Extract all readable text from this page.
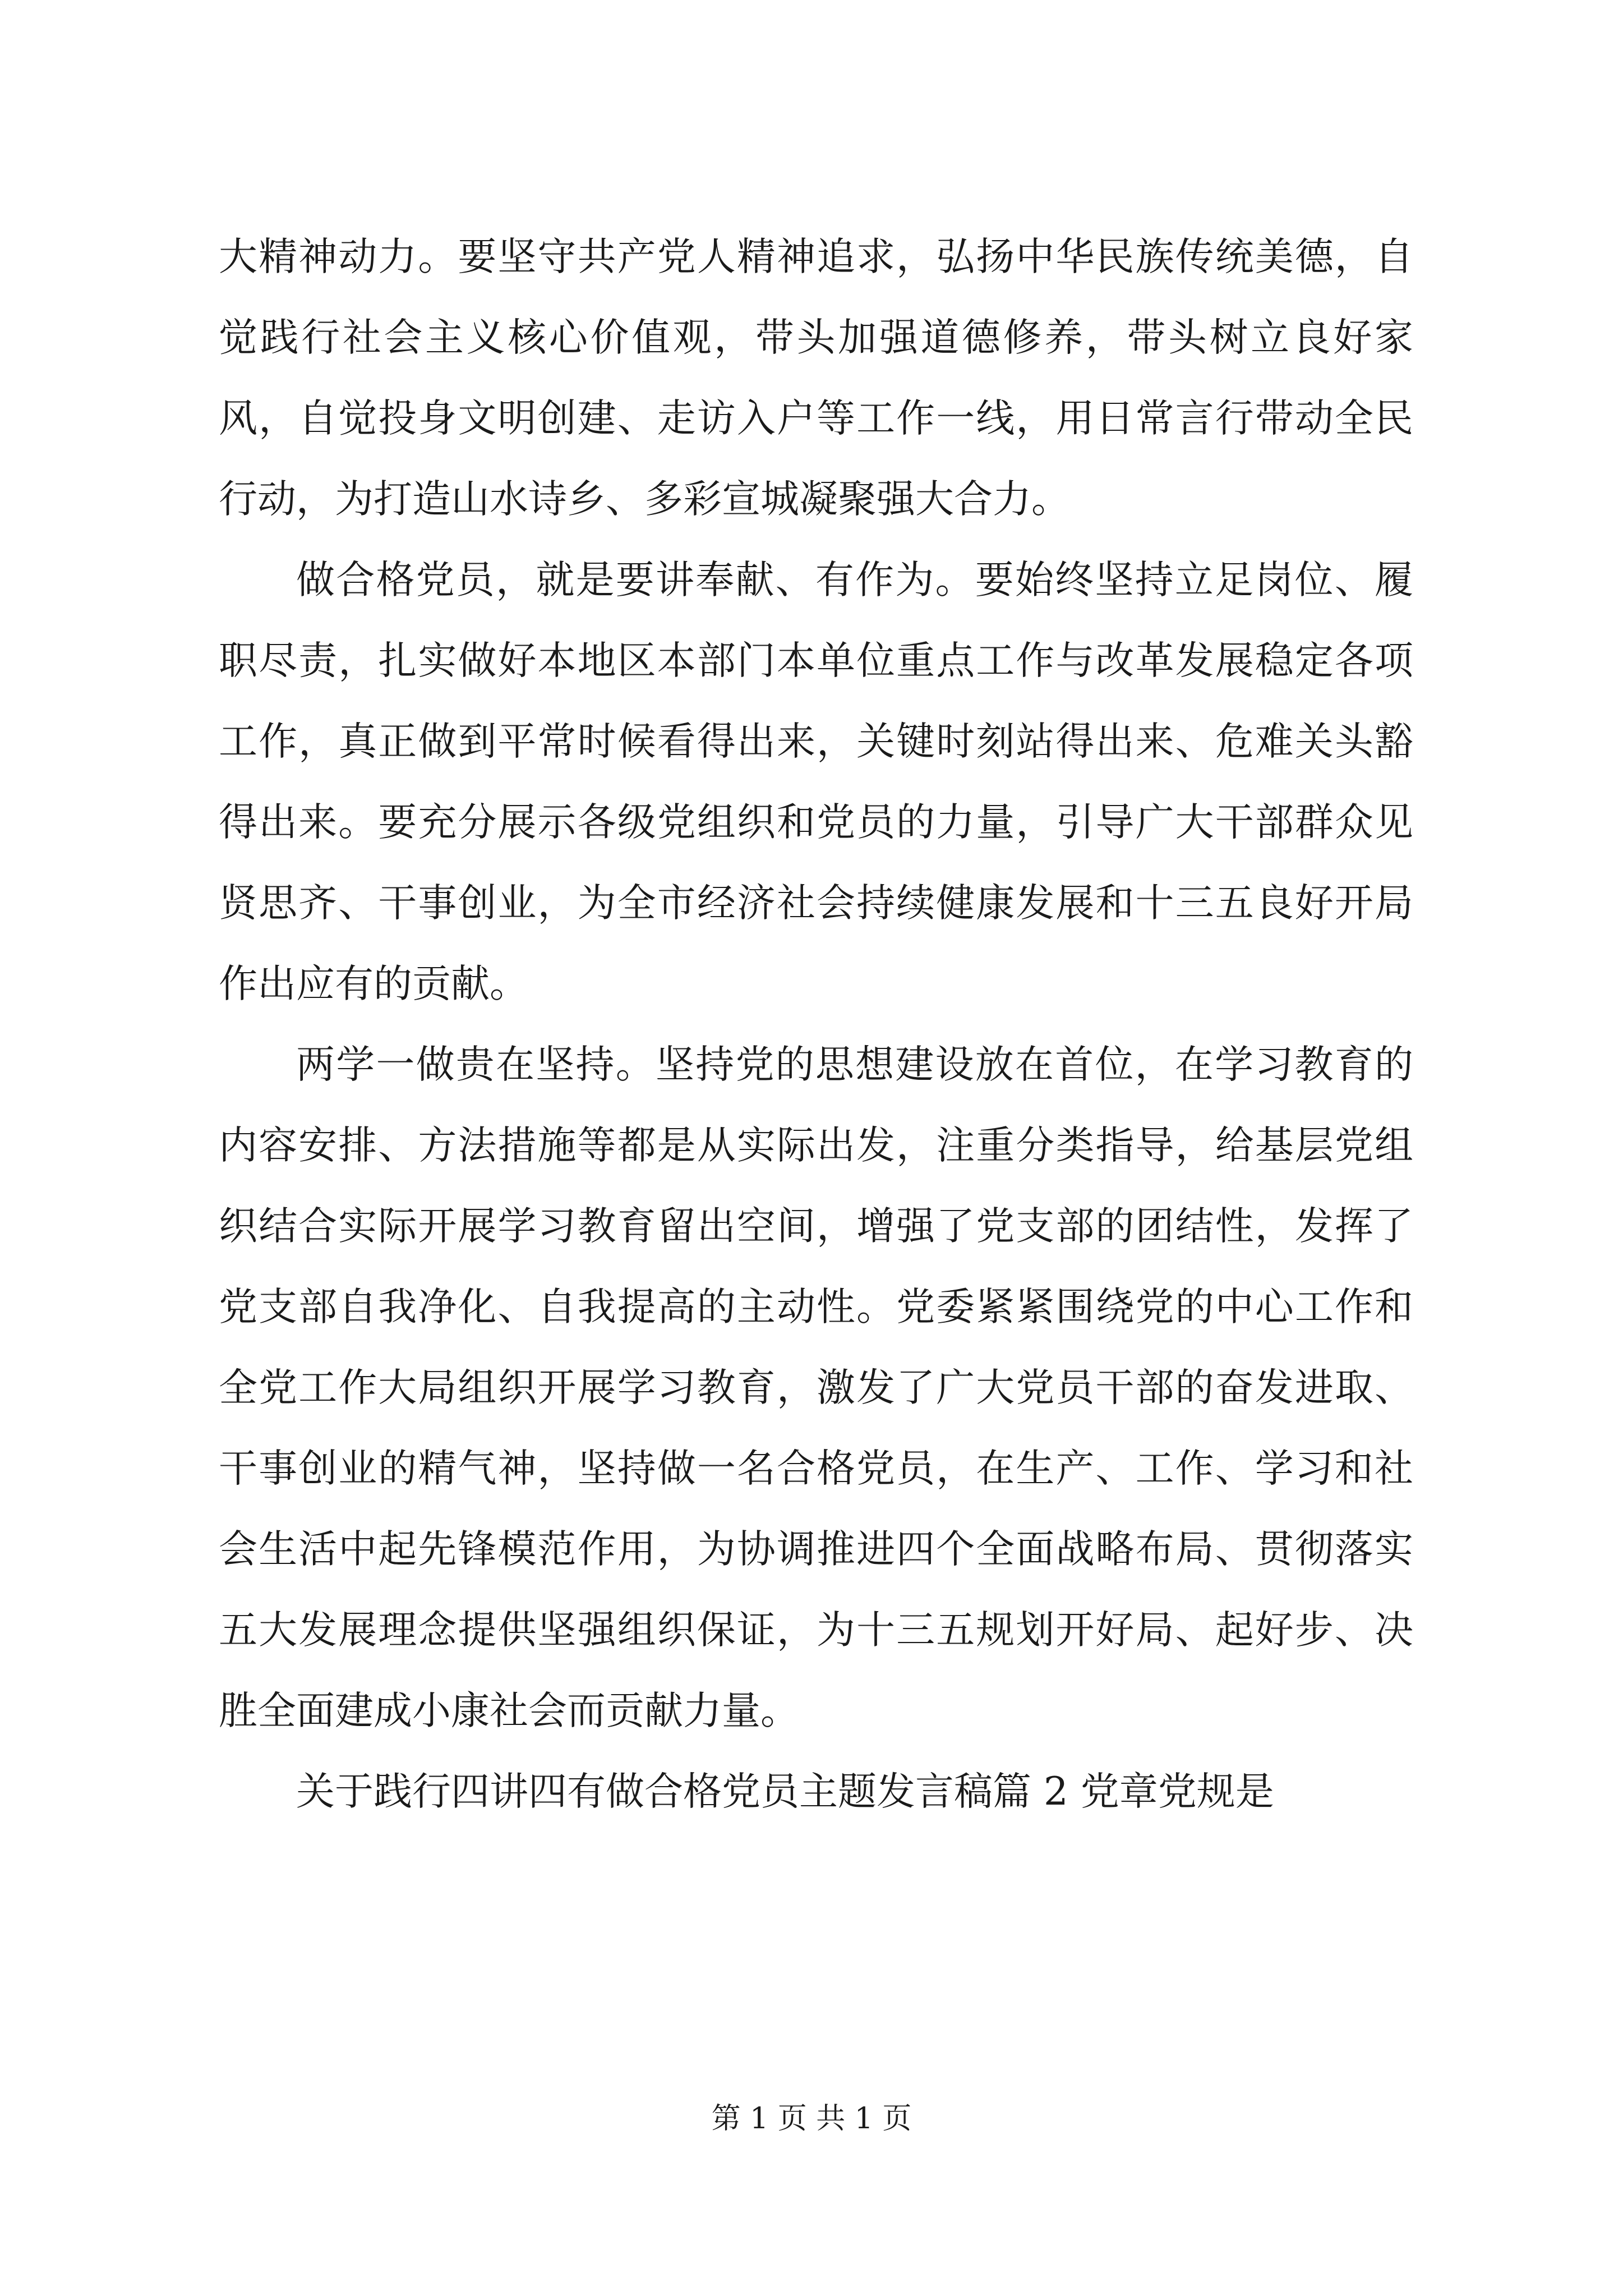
大精神动力。要坚守共产党人精神追求，弘扬中华民族传统美德，自觉践行社会主义核心价值观，带头加强道德修养，带头树立良好家风，自觉投身文明创建、走访入户等工作一线，用日常言行带动全民行动，为打造山水诗乡、多彩宣城凝聚强大合力。

做合格党员，就是要讲奉献、有作为。要始终坚持立足岗位、履职尽责，扎实做好本地区本部门本单位重点工作与改革发展稳定各项工作，真正做到平常时候看得出来，关键时刻站得出来、危难关头豁得出来。要充分展示各级党组织和党员的力量，引导广大干部群众见贤思齐、干事创业，为全市经济社会持续健康发展和十三五良好开局作出应有的贡献。

两学一做贵在坚持。坚持党的思想建设放在首位，在学习教育的内容安排、方法措施等都是从实际出发，注重分类指导，给基层党组织结合实际开展学习教育留出空间，增强了党支部的团结性，发挥了党支部自我净化、自我提高的主动性。党委紧紧围绕党的中心工作和全党工作大局组织开展学习教育，激发了广大党员干部的奋发进取、干事创业的精气神，坚持做一名合格党员，在生产、工作、学习和社会生活中起先锋模范作用，为协调推进四个全面战略布局、贯彻落实五大发展理念提供坚强组织保证，为十三五规划开好局、起好步、决胜全面建成小康社会而贡献力量。

关于践行四讲四有做合格党员主题发言稿篇 2 党章党规是

第 1 页 共 1 页
